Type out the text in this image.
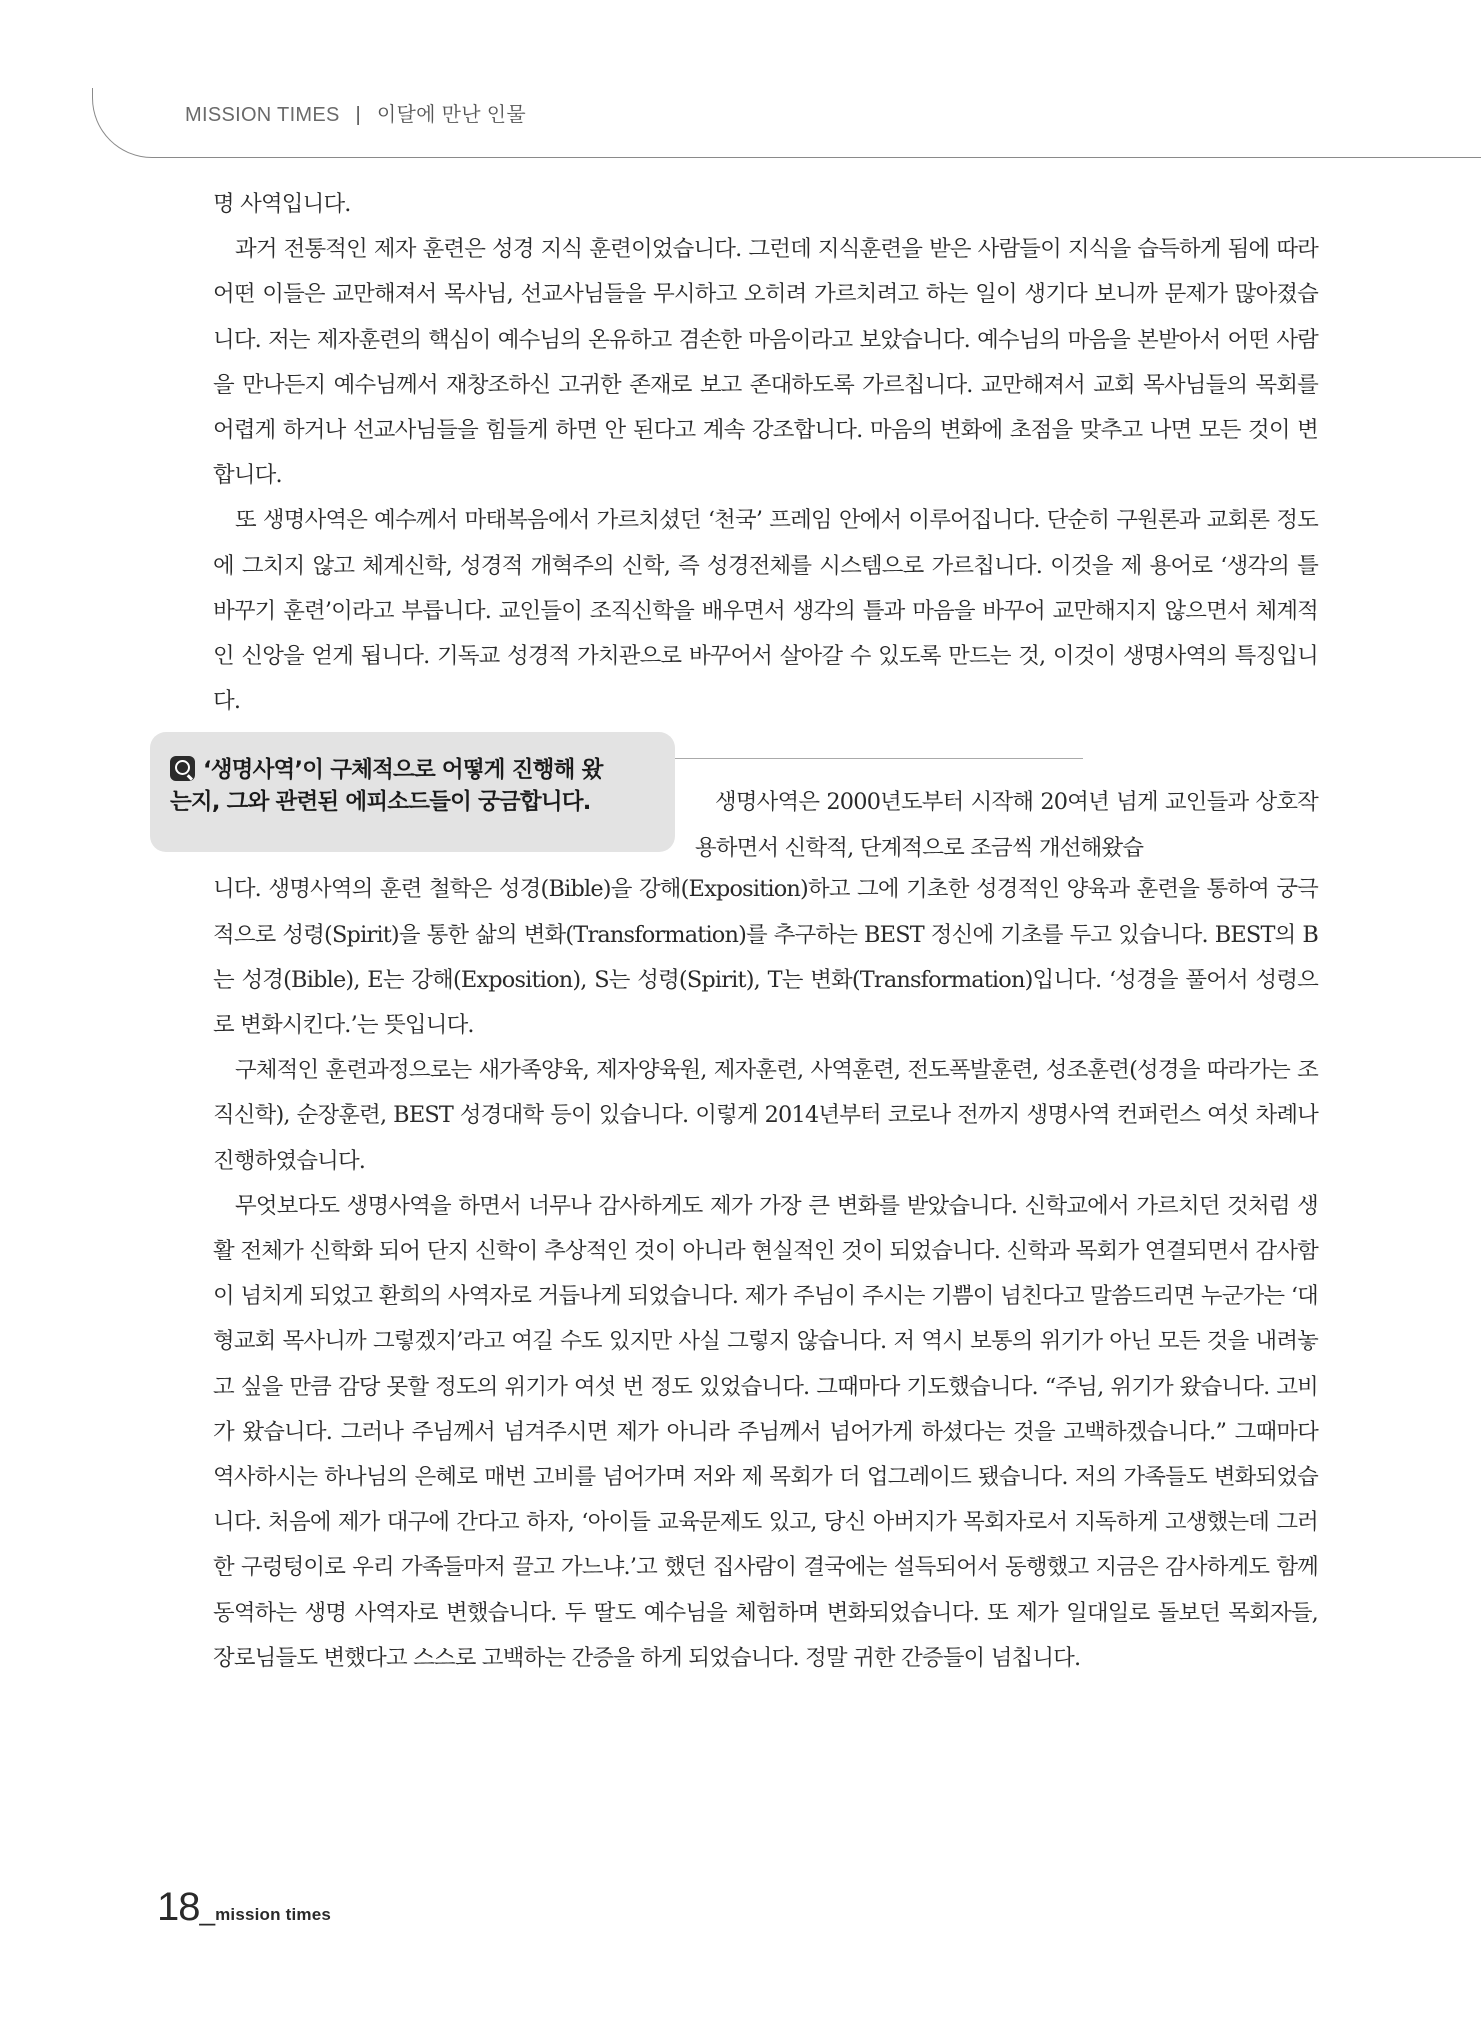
MISSION TIMES | 이달에 만난 인물

명 사역입니다.

과거 전통적인 제자 훈련은 성경 지식 훈련이었습니다. 그런데 지식훈련을 받은 사람들이 지식을 습득하게 됨에 따라 어떤 이들은 교만해져서 목사님, 선교사님들을 무시하고 오히려 가르치려고 하는 일이 생기다 보니까 문제가 많아졌습니다. 저는 제자훈련의 핵심이 예수님의 온유하고 겸손한 마음이라고 보았습니다. 예수님의 마음을 본받아서 어떤 사람을 만나든지 예수님께서 재창조하신 고귀한 존재로 보고 존대하도록 가르칩니다. 교만해져서 교회 목사님들의 목회를 어렵게 하거나 선교사님들을 힘들게 하면 안 된다고 계속 강조합니다. 마음의 변화에 초점을 맞추고 나면 모든 것이 변합니다.

또 생명사역은 예수께서 마태복음에서 가르치셨던 ‘천국’ 프레임 안에서 이루어집니다. 단순히 구원론과 교회론 정도에 그치지 않고 체계신학, 성경적 개혁주의 신학, 즉 성경전체를 시스템으로 가르칩니다. 이것을 제 용어로 ‘생각의 틀 바꾸기 훈련’이라고 부릅니다. 교인들이 조직신학을 배우면서 생각의 틀과 마음을 바꾸어 교만해지지 않으면서 체계적인 신앙을 얻게 됩니다. 기독교 성경적 가치관으로 바꾸어서 살아갈 수 있도록 만드는 것, 이것이 생명사역의 특징입니다.

‘생명사역’이 구체적으로 어떻게 진행해 왔
는지, 그와 관련된 에피소드들이 궁금합니다.	생명사역은 2000년도부터 시작해 20여년 넘게 교인들과 상호작용하면서 신학적, 단계적으로 조금씩 개선해왔습

니다. 생명사역의 훈련 철학은 성경(Bible)을 강해(Exposition)하고 그에 기초한 성경적인 양육과 훈련을 통하여 궁극적으로 성령(Spirit)을 통한 삶의 변화(Transformation)를 추구하는 BEST 정신에 기초를 두고 있습니다. BEST의 B는 성경(Bible), E는 강해(Exposition), S는 성령(Spirit), T는 변화(Transformation)입니다. ‘성경을 풀어서 성령으로 변화시킨다.’는 뜻입니다.

구체적인 훈련과정으로는 새가족양육, 제자양육원, 제자훈련, 사역훈련, 전도폭발훈련, 성조훈련(성경을 따라가는 조직신학), 순장훈련, BEST 성경대학 등이 있습니다. 이렇게 2014년부터 코로나 전까지 생명사역 컨퍼런스 여섯 차례나 진행하였습니다.

무엇보다도 생명사역을 하면서 너무나 감사하게도 제가 가장 큰 변화를 받았습니다. 신학교에서 가르치던 것처럼 생활 전체가 신학화 되어 단지 신학이 추상적인 것이 아니라 현실적인 것이 되었습니다. 신학과 목회가 연결되면서 감사함이 넘치게 되었고 환희의 사역자로 거듭나게 되었습니다. 제가 주님이 주시는 기쁨이 넘친다고 말씀드리면 누군가는 ‘대형교회 목사니까 그렇겠지’라고 여길 수도 있지만 사실 그렇지 않습니다. 저 역시 보통의 위기가 아닌 모든 것을 내려놓고 싶을 만큼 감당 못할 정도의 위기가 여섯 번 정도 있었습니다. 그때마다 기도했습니다. “주님, 위기가 왔습니다. 고비가 왔습니다. 그러나 주님께서 넘겨주시면 제가 아니라 주님께서 넘어가게 하셨다는 것을 고백하겠습니다.” 그때마다 역사하시는 하나님의 은혜로 매번 고비를 넘어가며 저와 제 목회가 더 업그레이드 됐습니다. 저의 가족들도 변화되었습니다. 처음에 제가 대구에 간다고 하자, ‘아이들 교육문제도 있고, 당신 아버지가 목회자로서 지독하게 고생했는데 그러한 구렁텅이로 우리 가족들마저 끌고 가느냐.’고 했던 집사람이 결국에는 설득되어서 동행했고 지금은 감사하게도 함께 동역하는 생명 사역자로 변했습니다. 두 딸도 예수님을 체험하며 변화되었습니다. 또 제가 일대일로 돌보던 목회자들, 장로님들도 변했다고 스스로 고백하는 간증을 하게 되었습니다. 정말 귀한 간증들이 넘칩니다.

18_mission times
